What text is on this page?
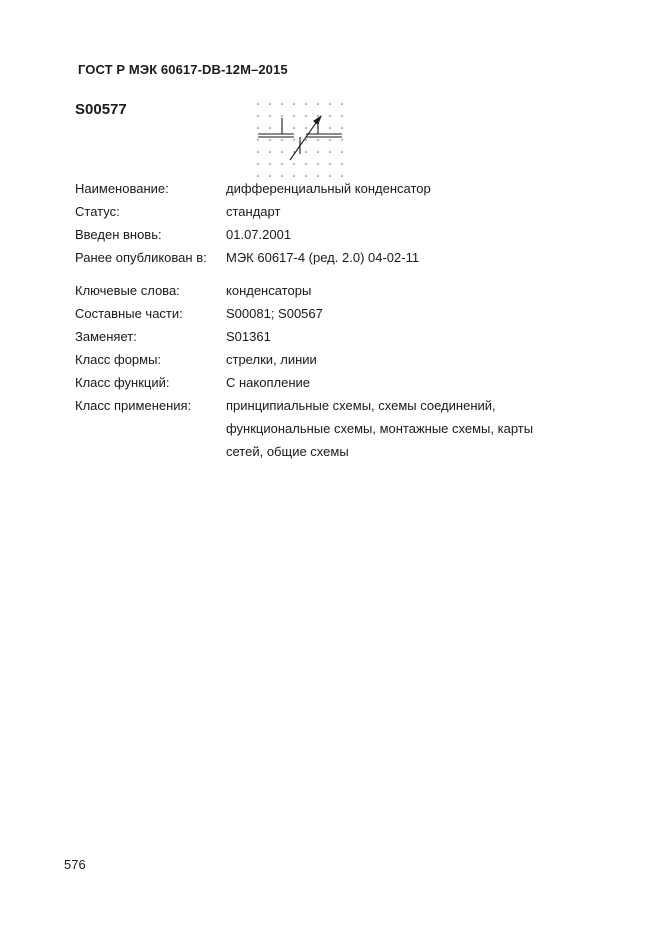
ГОСТ Р МЭК 60617-DB-12M–2015
S00577
Наименование:	дифференциальный конденсатор
Статус:	стандарт
Введен вновь:	01.07.2001
Ранее опубликован в: МЭК 60617-4 (ред. 2.0) 04-02-11
Ключевые слова:	конденсаторы
Составные части:	S00081; S00567
Заменяет:	S01361
Класс формы:	стрелки, линии
Класс функций:	С накопление
Класс применения:	принципиальные схемы, схемы соединений,
функциональные схемы, монтажные схемы, карты
сетей, общие схемы
576
